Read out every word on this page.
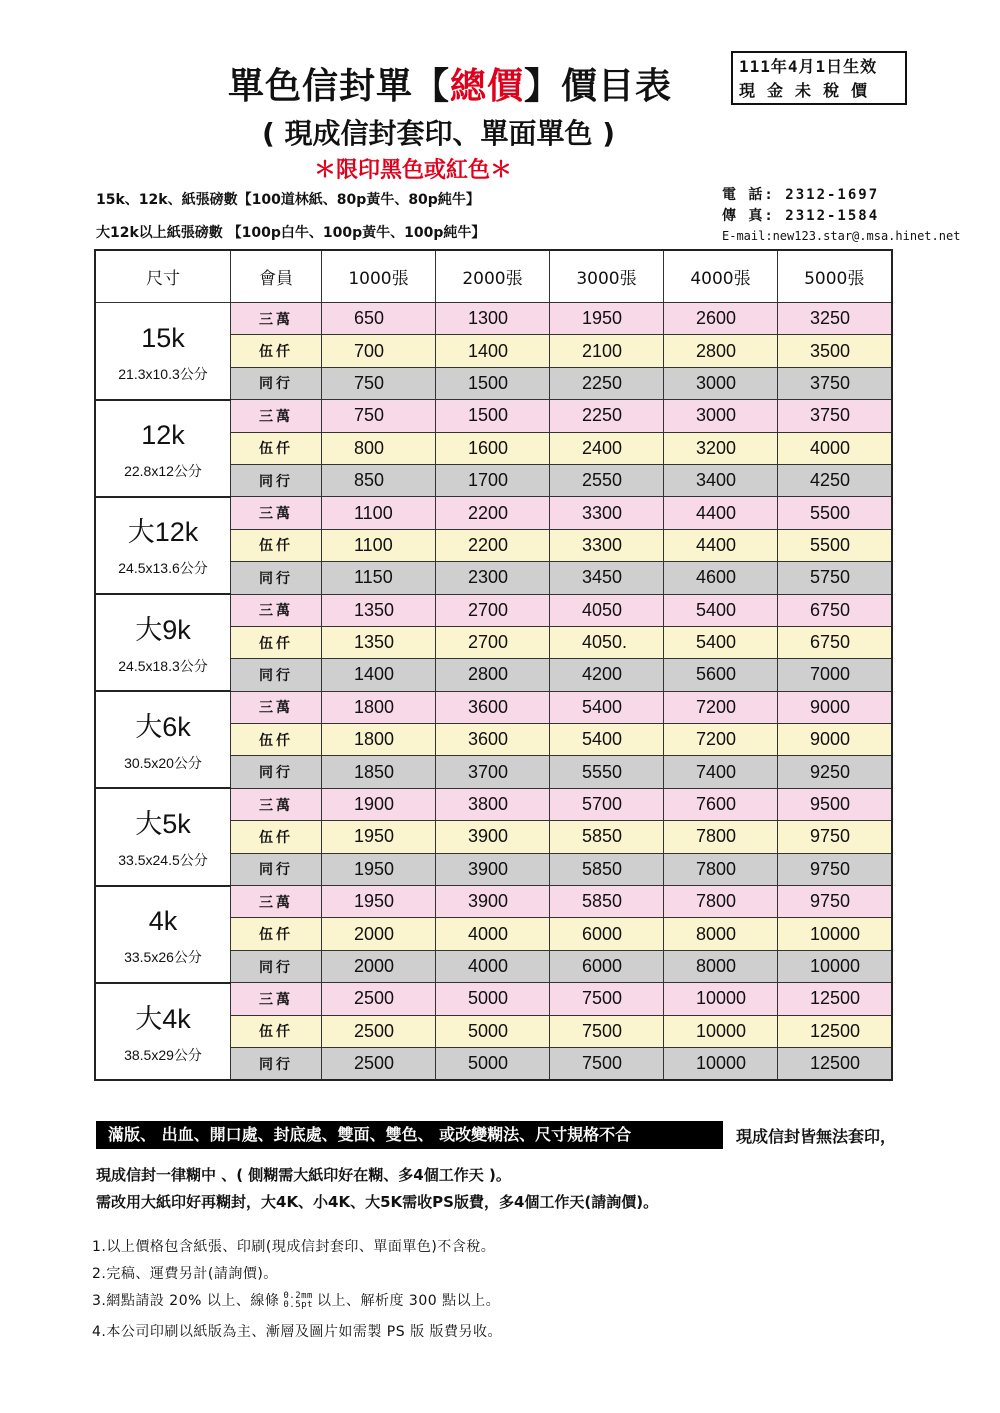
單色信封單【總價】價目表
( 現成信封套印、單面單色 )
＊限印黑色或紅色＊
111年4月1日生效
現金未稅價
15k、12k、紙張磅數【100道林紙、80p黃牛、80p純牛】
大12k以上紙張磅數 【100p白牛、100p黃牛、100p純牛】
電 話: 2312-1697
傳 真: 2312-1584
E-mail:new123.star@.msa.hinet.net
尺寸	會員	1000張	2000張	3000張	4000張	5000張

15k
21.3x10.3公分	三萬	650	1300	1950	2600	3250
	伍仟	700	1400	2100	2800	3500
	同行	750	1500	2250	3000	3750

12k
22.8x12公分	三萬	750	1500	2250	3000	3750
	伍仟	800	1600	2400	3200	4000
	同行	850	1700	2550	3400	4250

大12k
24.5x13.6公分	三萬	1100	2200	3300	4400	5500
	伍仟	1100	2200	3300	4400	5500
	同行	1150	2300	3450	4600	5750

大9k
24.5x18.3公分	三萬	1350	2700	4050	5400	6750
	伍仟	1350	2700	4050.	5400	6750
	同行	1400	2800	4200	5600	7000

大6k
30.5x20公分	三萬	1800	3600	5400	7200	9000
	伍仟	1800	3600	5400	7200	9000
	同行	1850	3700	5550	7400	9250

大5k
33.5x24.5公分	三萬	1900	3800	5700	7600	9500
	伍仟	1950	3900	5850	7800	9750
	同行	1950	3900	5850	7800	9750

4k
33.5x26公分	三萬	1950	3900	5850	7800	9750
	伍仟	2000	4000	6000	8000	10000
	同行	2000	4000	6000	8000	10000

大4k
38.5x29公分	三萬	2500	5000	7500	10000	12500
	伍仟	2500	5000	7500	10000	12500
	同行	2500	5000	7500	10000	12500
滿版、 出血、開口處、封底處、雙面、雙色、 或改變糊法、尺寸規格不合	現成信封皆無法套印，
現成信封一律糊中 、( 側糊需大紙印好在糊、多4個工作天 )。
需改用大紙印好再糊封，大4K、小4K、大5K需收PS版費，多4個工作天(請詢價)。
1.以上價格包含紙張、印刷(現成信封套印、單面單色)不含稅。
2.完稿、運費另計(請詢價)。
3.網點請設 20% 以上、線條 0.2mm
0.5pt 以上、解析度 300 點以上。
4.本公司印刷以紙版為主、漸層及圖片如需製 PS 版 版費另收。
